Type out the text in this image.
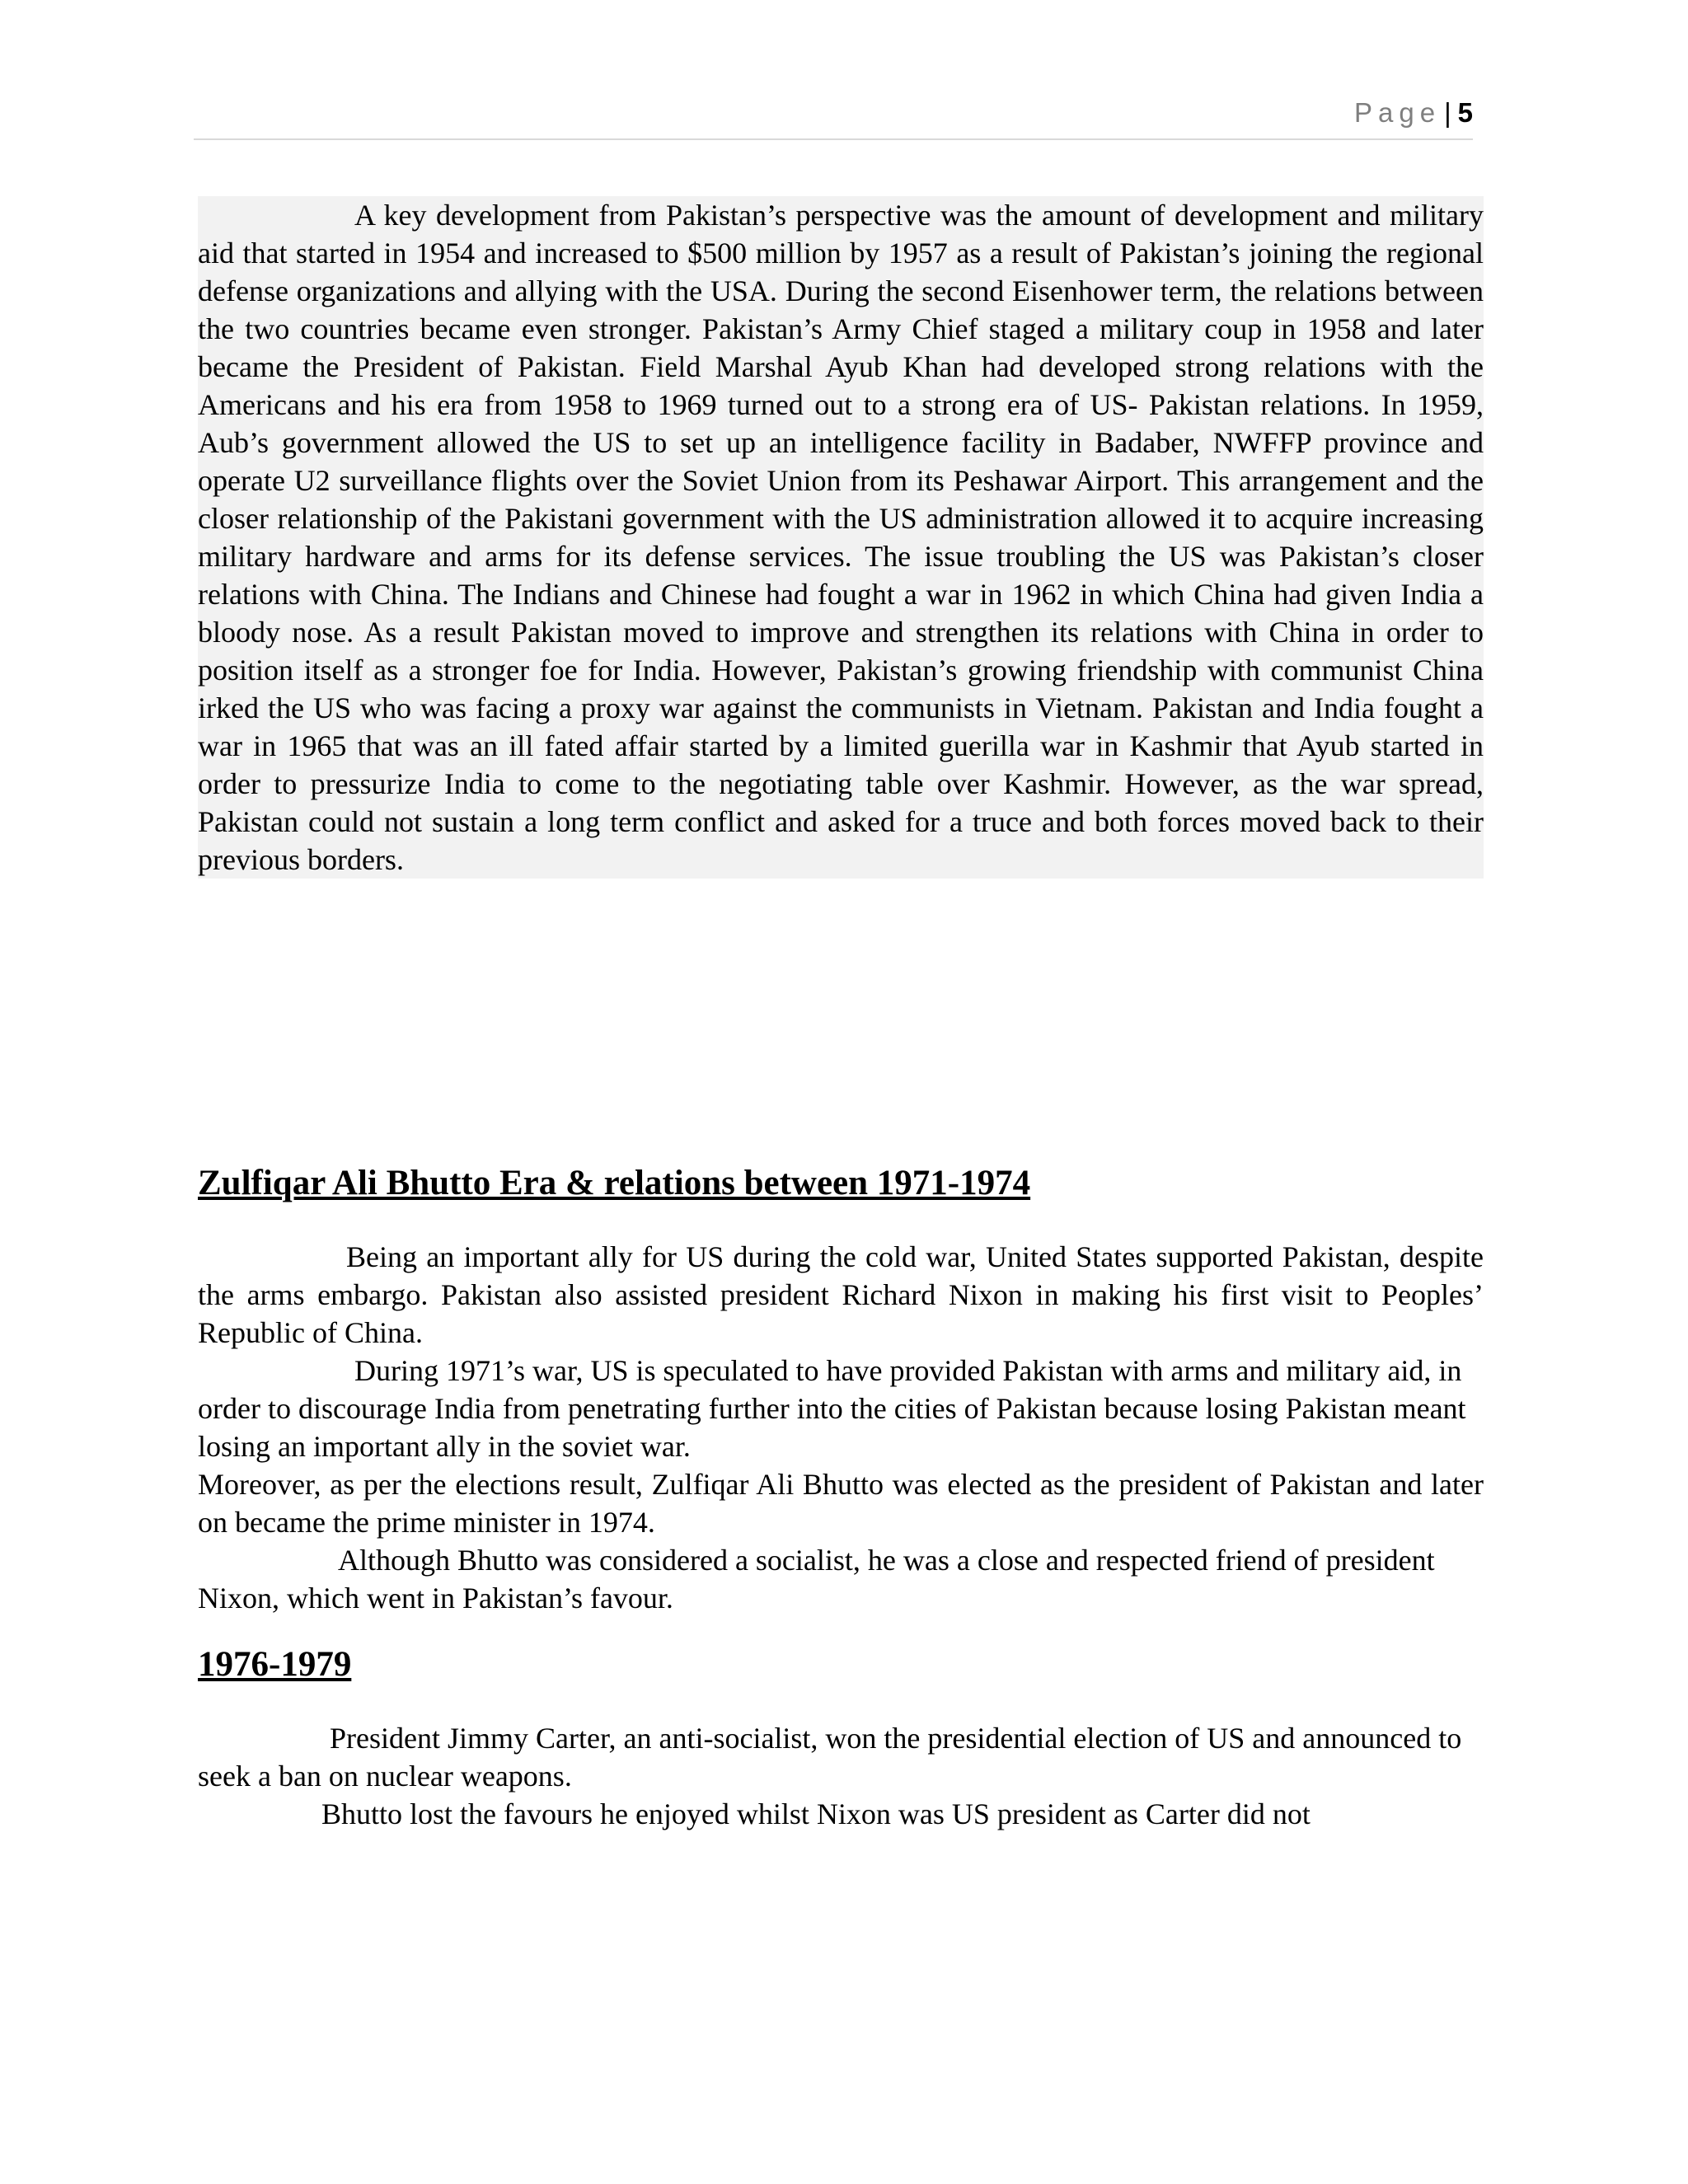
Page | 5

A key development from Pakistan’s perspective was the amount of development and military aid that started in 1954 and increased to $500 million by 1957 as a result of Pakistan’s joining the regional defense organizations and allying with the USA. During the second Eisenhower term, the relations between the two countries became even stronger. Pakistan’s Army Chief staged a military coup in 1958 and later became the President of Pakistan. Field Marshal Ayub Khan had developed strong relations with the Americans and his era from 1958 to 1969 turned out to a strong era of US- Pakistan relations. In 1959, Aub’s government allowed the US to set up an intelligence facility in Badaber, NWFFP province and operate U2 surveillance flights over the Soviet Union from its Peshawar Airport. This arrangement and the closer relationship of the Pakistani government with the US administration allowed it to acquire increasing military hardware and arms for its defense services. The issue troubling the US was Pakistan’s closer relations with China. The Indians and Chinese had fought a war in 1962 in which China had given India a bloody nose. As a result Pakistan moved to improve and strengthen its relations with China in order to position itself as a stronger foe for India. However, Pakistan’s growing friendship with communist China irked the US who was facing a proxy war against the communists in Vietnam. Pakistan and India fought a war in 1965 that was an ill fated affair started by a limited guerilla war in Kashmir that Ayub started in order to pressurize India to come to the negotiating table over Kashmir. However, as the war spread, Pakistan could not sustain a long term conflict and asked for a truce and both forces moved back to their previous borders.

Zulfiqar Ali Bhutto Era & relations between 1971-1974

Being an important ally for US during the cold war, United States supported Pakistan, despite the arms embargo. Pakistan also assisted president Richard Nixon in making his first visit to Peoples’ Republic of China.

During 1971’s war, US is speculated to have provided Pakistan with arms and military aid, in order to discourage India from penetrating further into the cities of Pakistan because losing Pakistan meant losing an important ally in the soviet war.

Moreover, as per the elections result, Zulfiqar Ali Bhutto was elected as the president of Pakistan and later on became the prime minister in 1974.

Although Bhutto was considered a socialist, he was a close and respected friend of president Nixon, which went in Pakistan’s favour.

1976-1979

President Jimmy Carter, an anti-socialist, won the presidential election of US and announced to seek a ban on nuclear weapons.

Bhutto lost the favours he enjoyed whilst Nixon was US president as Carter did not
